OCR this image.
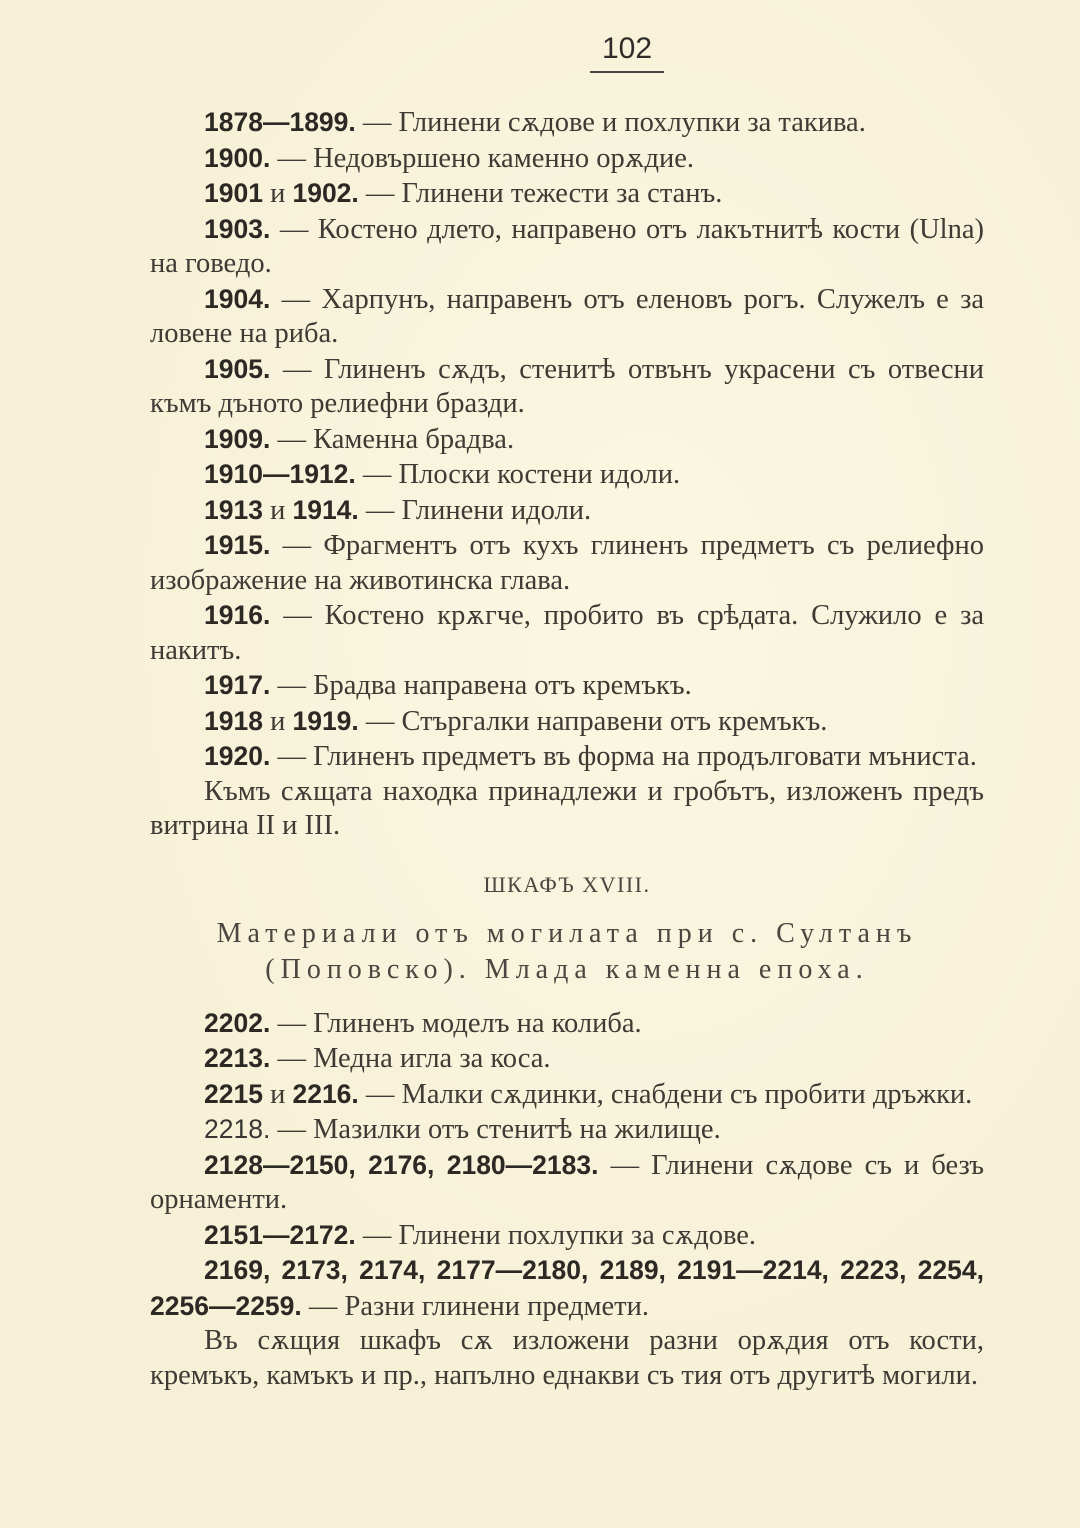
102

1878—1899. — Глинени сѫдове и похлупки за такива.

1900. — Недовършено каменно орѫдие.

1901 и 1902. — Глинени тежести за станъ.

1903. — Костено длето, направено отъ лакътнитѣ кости (Ulna) на говедо.

1904. — Харпунъ, направенъ отъ еленовъ рогъ. Служелъ е за ловене на риба.

1905. — Глиненъ сѫдъ, стенитѣ отвънъ украсени съ отвесни къмъ дъното релиефни бразди.

1909. — Каменна брадва.

1910—1912. — Плоски костени идоли.

1913 и 1914. — Глинени идоли.

1915. — Фрагментъ отъ кухъ глиненъ предметъ съ релиефно изображение на животинска глава.

1916. — Костено крѫгче, пробито въ срѣдата. Служило е за накитъ.

1917. — Брадва направена отъ кремъкъ.

1918 и 1919. — Стъргалки направени отъ кремъкъ.

1920. — Глиненъ предметъ въ форма на продълговати мъниста.

Къмъ сѫщата находка принадлежи и гробътъ, изложенъ предъ витрина II и III.

ШКАФЪ XVIII.
Материали отъ могилата при с. Султанъ
(Поповско). Млада каменна епоха.

2202. — Глиненъ моделъ на колиба.

2213. — Медна игла за коса.

2215 и 2216. — Малки сѫдинки, снабдени съ пробити дръжки.

2218. — Мазилки отъ стенитѣ на жилище.

2128—2150, 2176, 2180—2183. — Глинени сѫдове съ и безъ орнаменти.

2151—2172. — Глинени похлупки за сѫдове.

2169, 2173, 2174, 2177—2180, 2189, 2191—2214, 2223, 2254, 2256—2259. — Разни глинени предмети.

Въ сѫщия шкафъ сѫ изложени разни орѫдия отъ кости, кремъкъ, камъкъ и пр., напълно еднакви съ тия отъ другитѣ могили.
